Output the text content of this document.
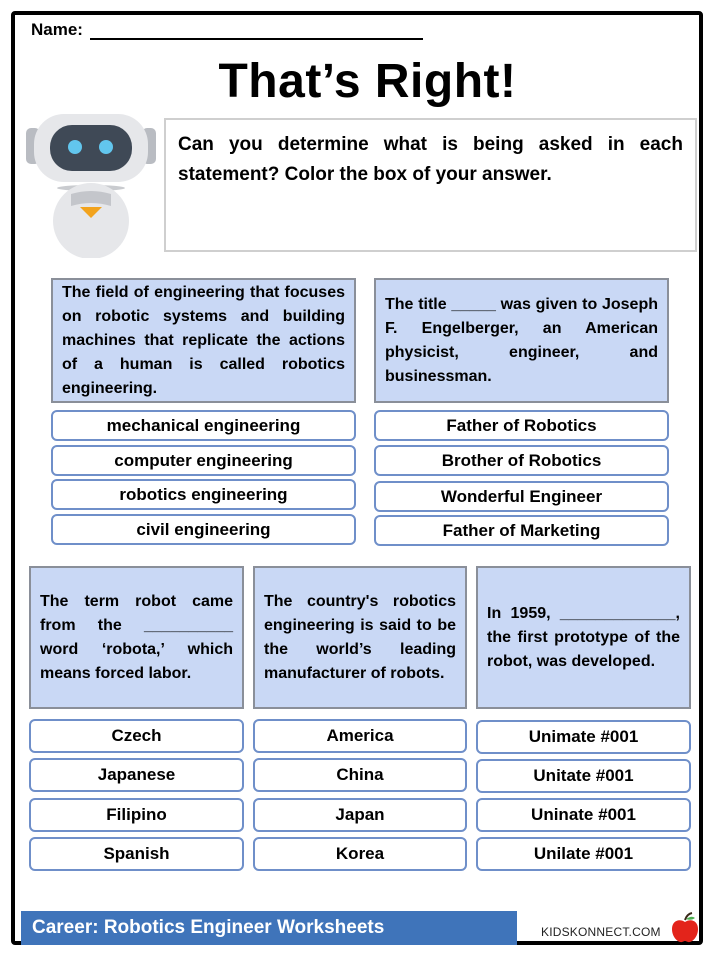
Name:
That’s Right!
Can you determine what is being asked in each statement? Color the box of your answer.
The field of engineering that focuses on robotic systems and building machines that replicate the actions of a human is called robotics engineering.
mechanical engineering
computer engineering
robotics engineering
civil engineering
The title _____ was given to Joseph F. Engelberger, an American physicist, engineer, and businessman.
Father of Robotics
Brother of Robotics
Wonderful Engineer
Father of Marketing
The term robot came from the __________ word ‘robota,’ which means forced labor.
Czech
Japanese
Filipino
Spanish
The country's robotics engineering is said to be the world’s leading manufacturer of robots.
America
China
Japan
Korea
In 1959, _____________, the first prototype of the robot, was developed.
Unimate #001
Unitate #001
Uninate #001
Unilate #001
Career: Robotics Engineer Worksheets	KIDSKONNECT.COM
